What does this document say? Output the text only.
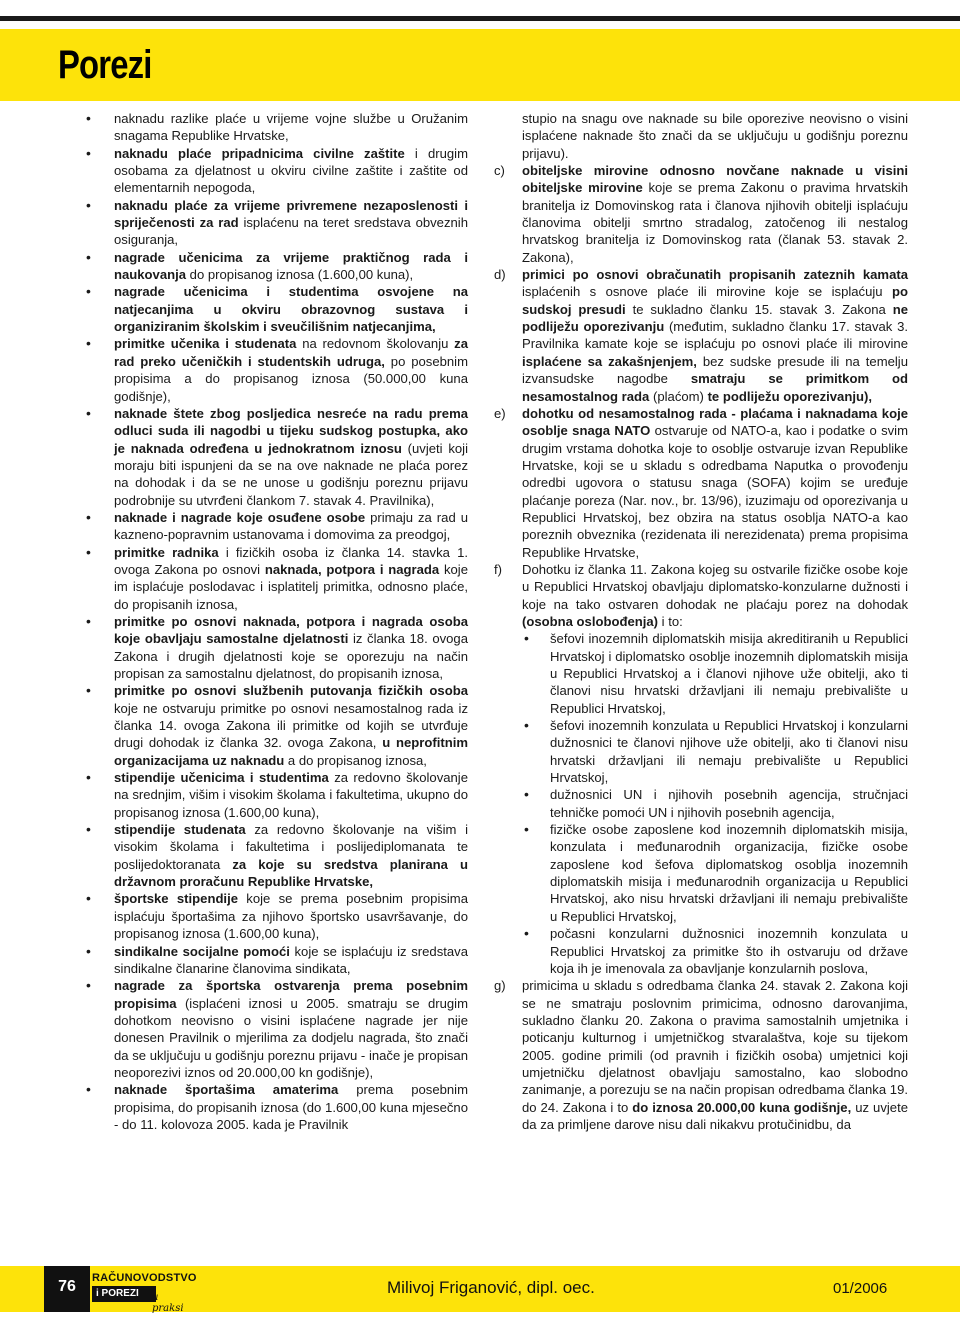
Porezi

• naknadu razlike plaće u vrijeme vojne službe u Oružanim snagama Republike Hrvatske,

• naknadu plaće pripadnicima civilne zaštite i drugim osobama za djelatnost u okviru civilne zaštite i zaštite od elementarnih nepogoda,

• naknadu plaće za vrijeme privremene nezaposlenosti i spriječenosti za rad isplaćenu na teret sredstava obveznih osiguranja,

• nagrade učenicima za vrijeme praktičnog rada i naukovanja do propisanog iznosa (1.600,00 kuna),

• nagrade učenicima i studentima osvojene na natjecanjima u okviru obrazovnog sustava i organiziranim školskim i sveučilišnim natjecanjima,

• primitke učenika i studenata na redovnom školovanju za rad preko učeničkih i studentskih udruga, po posebnim propisima a do propisanog iznosa (50.000,00 kuna godišnje),

• naknade štete zbog posljedica nesreće na radu prema odluci suda ili nagodbi u tijeku sudskog postupka, ako je naknada određena u jednokratnom iznosu (uvjeti koji moraju biti ispunjeni da se na ove naknade ne plaća porez na dohodak i da se ne unose u godišnju poreznu prijavu podrobnije su utvrđeni člankom 7. stavak 4. Pravilnika),

• naknade i nagrade koje osuđene osobe primaju za rad u kazneno-popravnim ustanovama i domovima za preodgoj,

• primitke radnika i fizičkih osoba iz članka 14. stavka 1. ovoga Zakona po osnovi naknada, potpora i nagrada koje im isplaćuje poslodavac i isplatitelj primitka, odnosno plaće, do propisanih iznosa,

• primitke po osnovi naknada, potpora i nagrada osoba koje obavljaju samostalne djelatnosti iz članka 18. ovoga Zakona i drugih djelatnosti koje se oporezuju na način propisan za samostalnu djelatnost, do propisanih iznosa,

• primitke po osnovi službenih putovanja fizičkih osoba koje ne ostvaruju primitke po osnovi nesamostalnog rada iz članka 14. ovoga Zakona ili primitke od kojih se utvrđuje drugi dohodak iz članka 32. ovoga Zakona, u neprofitnim organizacijama uz naknadu a do propisanog iznosa,

• stipendije učenicima i studentima za redovno školovanje na srednjim, višim i visokim školama i fakultetima, ukupno do propisanog iznosa (1.600,00 kuna),

• stipendije studenata za redovno školovanje na višim i visokim školama i fakultetima i poslijediplomanata te poslijedoktoranata za koje su sredstva planirana u državnom proračunu Republike Hrvatske,

• športske stipendije koje se prema posebnim propisima isplaćuju športašima za njihovo športsko usavršavanje, do propisanog iznosa (1.600,00 kuna),

• sindikalne socijalne pomoći koje se isplaćuju iz sredstava sindikalne članarine članovima sindikata,

• nagrade za športska ostvarenja prema posebnim propisima (isplaćeni iznosi u 2005. smatraju se drugim dohotkom neovisno o visini isplaćene nagrade jer nije donesen Pravilnik o mjerilima za dodjelu nagrada, što znači da se uključuju u godišnju poreznu prijavu - inače je propisan neoporezivi iznos od 20.000,00 kn godišnje),

• naknade športašima amaterima prema posebnim propisima, do propisanih iznosa (do 1.600,00 kuna mjesečno - do 11. kolovoza 2005. kada je Pravilnik

stupio na snagu ove naknade su bile oporezive neovisno o visini isplaćene naknade što znači da se uključuju u godišnju poreznu prijavu).

c) obiteljske mirovine odnosno novčane naknade u visini obiteljske mirovine koje se prema Zakonu o pravima hrvatskih branitelja iz Domovinskog rata i članova njihovih obitelji isplaćuju članovima obitelji smrtno stradalog, zatočenog ili nestalog hrvatskog branitelja iz Domovinskog rata (članak 53. stavak 2. Zakona),

d) primici po osnovi obračunatih propisanih zateznih kamata isplaćenih s osnove plaće ili mirovine koje se isplaćuju po sudskoj presudi te sukladno članku 15. stavak 3. Zakona ne podliježu oporezivanju (međutim, sukladno članku 17. stavak 3. Pravilnika kamate koje se isplaćuju po osnovi plaće ili mirovine isplaćene sa zakašnjenjem, bez sudske presude ili na temelju izvansudske nagodbe smatraju se primitkom od nesamostalnog rada (plaćom) te podliježu oporezivanju),

e) dohotku od nesamostalnog rada - plaćama i naknadama koje osoblje snaga NATO ostvaruje od NATO-a, kao i podatke o svim drugim vrstama dohotka koje to osoblje ostvaruje izvan Republike Hrvatske, koji se u skladu s odredbama Naputka o provođenju odredbi ugovora o statusu snaga (SOFA) kojim se uređuje plaćanje poreza (Nar. nov., br. 13/96), izuzimaju od oporezivanja u Republici Hrvatskoj, bez obzira na status osoblja NATO-a kao poreznih obveznika (rezidenata ili nerezidenata) prema propisima Republike Hrvatske,

f) Dohotku iz članka 11. Zakona kojeg su ostvarile fizičke osobe koje u Republici Hrvatskoj obavljaju diplomatsko-konzularne dužnosti i koje na tako ostvaren dohodak ne plaćaju porez na dohodak (osobna oslobođenja) i to:

• šefovi inozemnih diplomatskih misija akreditiranih u Republici Hrvatskoj i diplomatsko osoblje inozemnih diplomatskih misija u Republici Hrvatskoj a i članovi njihove uže obitelji, ako ti članovi nisu hrvatski državljani ili nemaju prebivalište u Republici Hrvatskoj,

• šefovi inozemnih konzulata u Republici Hrvatskoj i konzularni dužnosnici te članovi njihove uže obitelji, ako ti članovi nisu hrvatski državljani ili nemaju prebivalište u Republici Hrvatskoj,

• dužnosnici UN i njihovih posebnih agencija, stručnjaci tehničke pomoći UN i njihovih posebnih agencija,

• fizičke osobe zaposlene kod inozemnih diplomatskih misija, konzulata i međunarodnih organizacija, fizičke osobe zaposlene kod šefova diplomatskog osoblja inozemnih diplomatskih misija i međunarodnih organizacija u Republici Hrvatskoj, ako nisu hrvatski državljani ili nemaju prebivalište u Republici Hrvatskoj,

• počasni konzularni dužnosnici inozemnih konzulata u Republici Hrvatskoj za primitke što ih ostvaruju od države koja ih je imenovala za obavljanje konzularnih poslova,

g) primicima u skladu s odredbama članka 24. stavak 2. Zakona koji se ne smatraju poslovnim primicima, odnosno darovanjima, sukladno članku 20. Zakona o pravima samostalnih umjetnika i poticanju kulturnog i umjetničkog stvaralaštva, koje su tijekom 2005. godine primili (od pravnih i fizičkih osoba) umjetnici koji umjetničku djelatnost obavljaju samostalno, kao slobodno zanimanje, a porezuju se na način propisan odredbama članka 19. do 24. Zakona i to do iznosa 20.000,00 kuna godišnje, uz uvjete da za primljene darove nisu dali nikakvu protučinidbu, da

76	RAČUNOVODSTVO
i POREZI u praksi
Milivoj Friganović, dipl. oec.	01/2006
